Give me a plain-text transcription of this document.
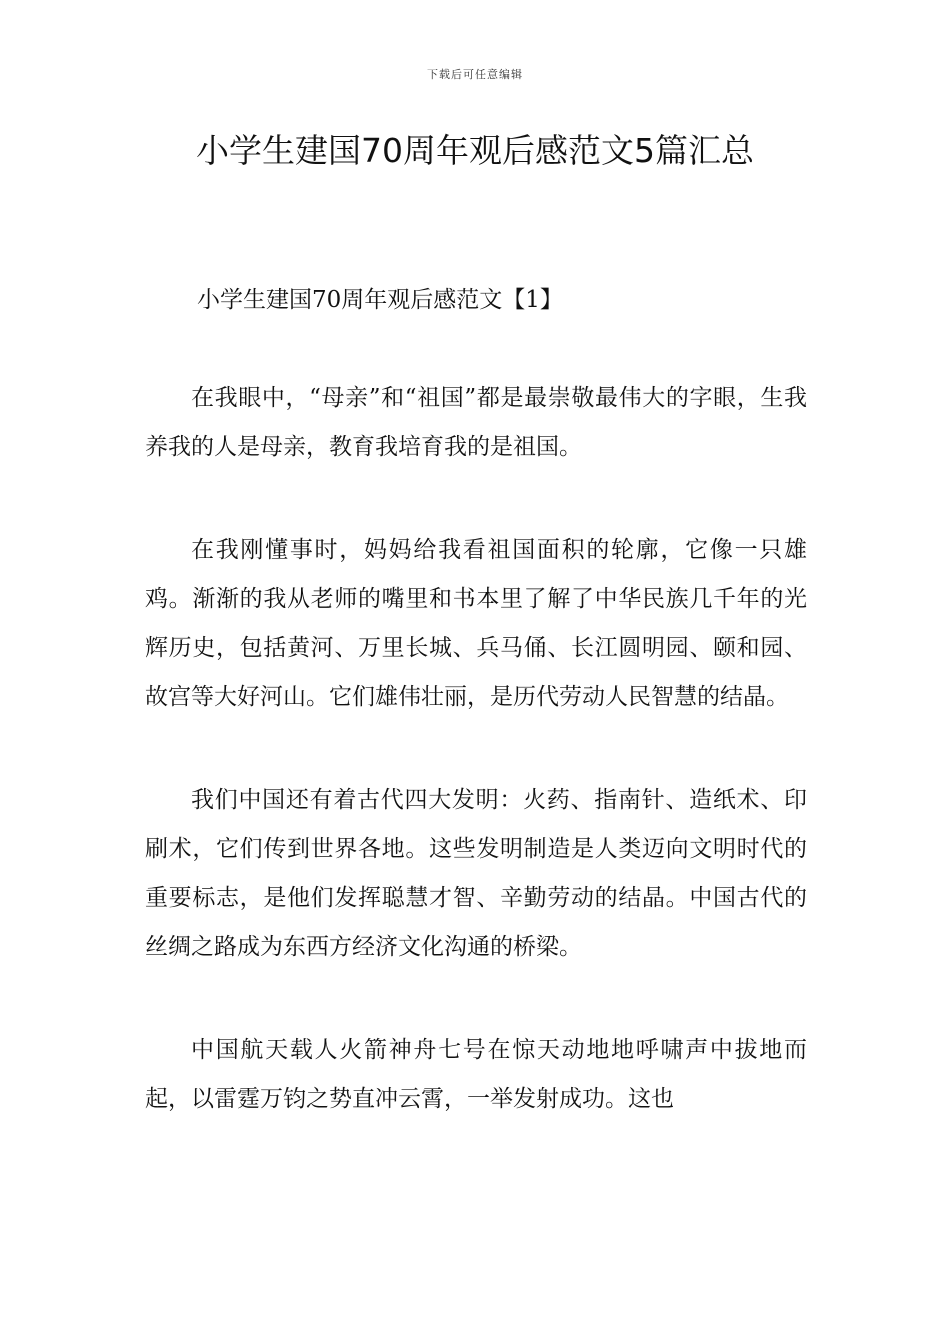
下载后可任意编辑
小学生建国70周年观后感范文5篇汇总
小学生建国70周年观后感范文【1】

在我眼中，“母亲”和“祖国”都是最崇敬最伟大的字眼，生我养我的人是母亲，教育我培育我的是祖国。

在我刚懂事时，妈妈给我看祖国面积的轮廓，它像一只雄鸡。渐渐的我从老师的嘴里和书本里了解了中华民族几千年的光辉历史，包括黄河、万里长城、兵马俑、长江圆明园、颐和园、故宫等大好河山。它们雄伟壮丽，是历代劳动人民智慧的结晶。

我们中国还有着古代四大发明：火药、指南针、造纸术、印刷术，它们传到世界各地。这些发明制造是人类迈向文明时代的重要标志，是他们发挥聪慧才智、辛勤劳动的结晶。中国古代的丝绸之路成为东西方经济文化沟通的桥梁。

中国航天载人火箭神舟七号在惊天动地地呼啸声中拔地而起，以雷霆万钧之势直冲云霄，一举发射成功。这也
